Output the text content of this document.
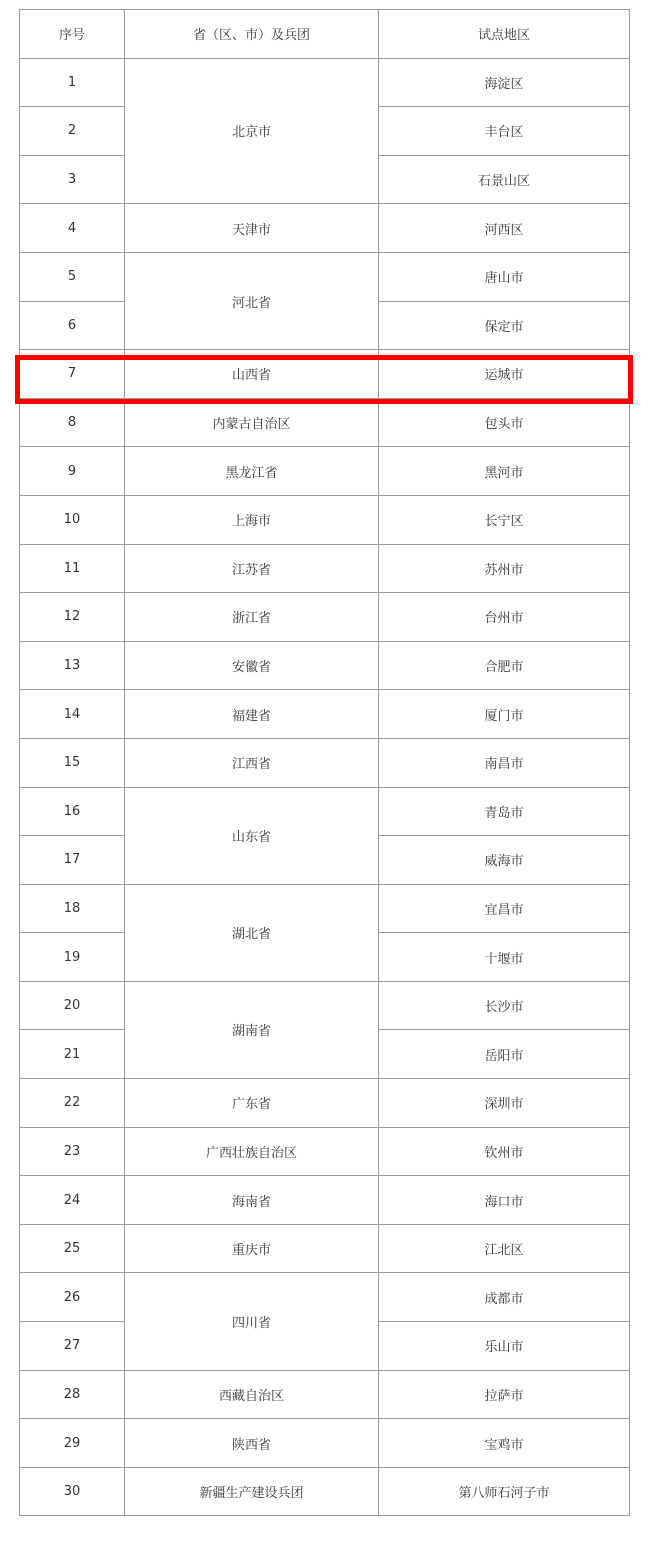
序号	省（区、市）及兵团	试点地区
1	北京市	海淀区
2		丰台区
3		石景山区
4	天津市	河西区
5	河北省	唐山市
6		保定市
7	山西省	运城市
8	内蒙古自治区	包头市
9	黑龙江省	黑河市
10	上海市	长宁区
11	江苏省	苏州市
12	浙江省	台州市
13	安徽省	合肥市
14	福建省	厦门市
15	江西省	南昌市
16	山东省	青岛市
17		威海市
18	湖北省	宜昌市
19		十堰市
20	湖南省	长沙市
21		岳阳市
22	广东省	深圳市
23	广西壮族自治区	钦州市
24	海南省	海口市
25	重庆市	江北区
26	四川省	成都市
27		乐山市
28	西藏自治区	拉萨市
29	陕西省	宝鸡市
30	新疆生产建设兵团	第八师石河子市
